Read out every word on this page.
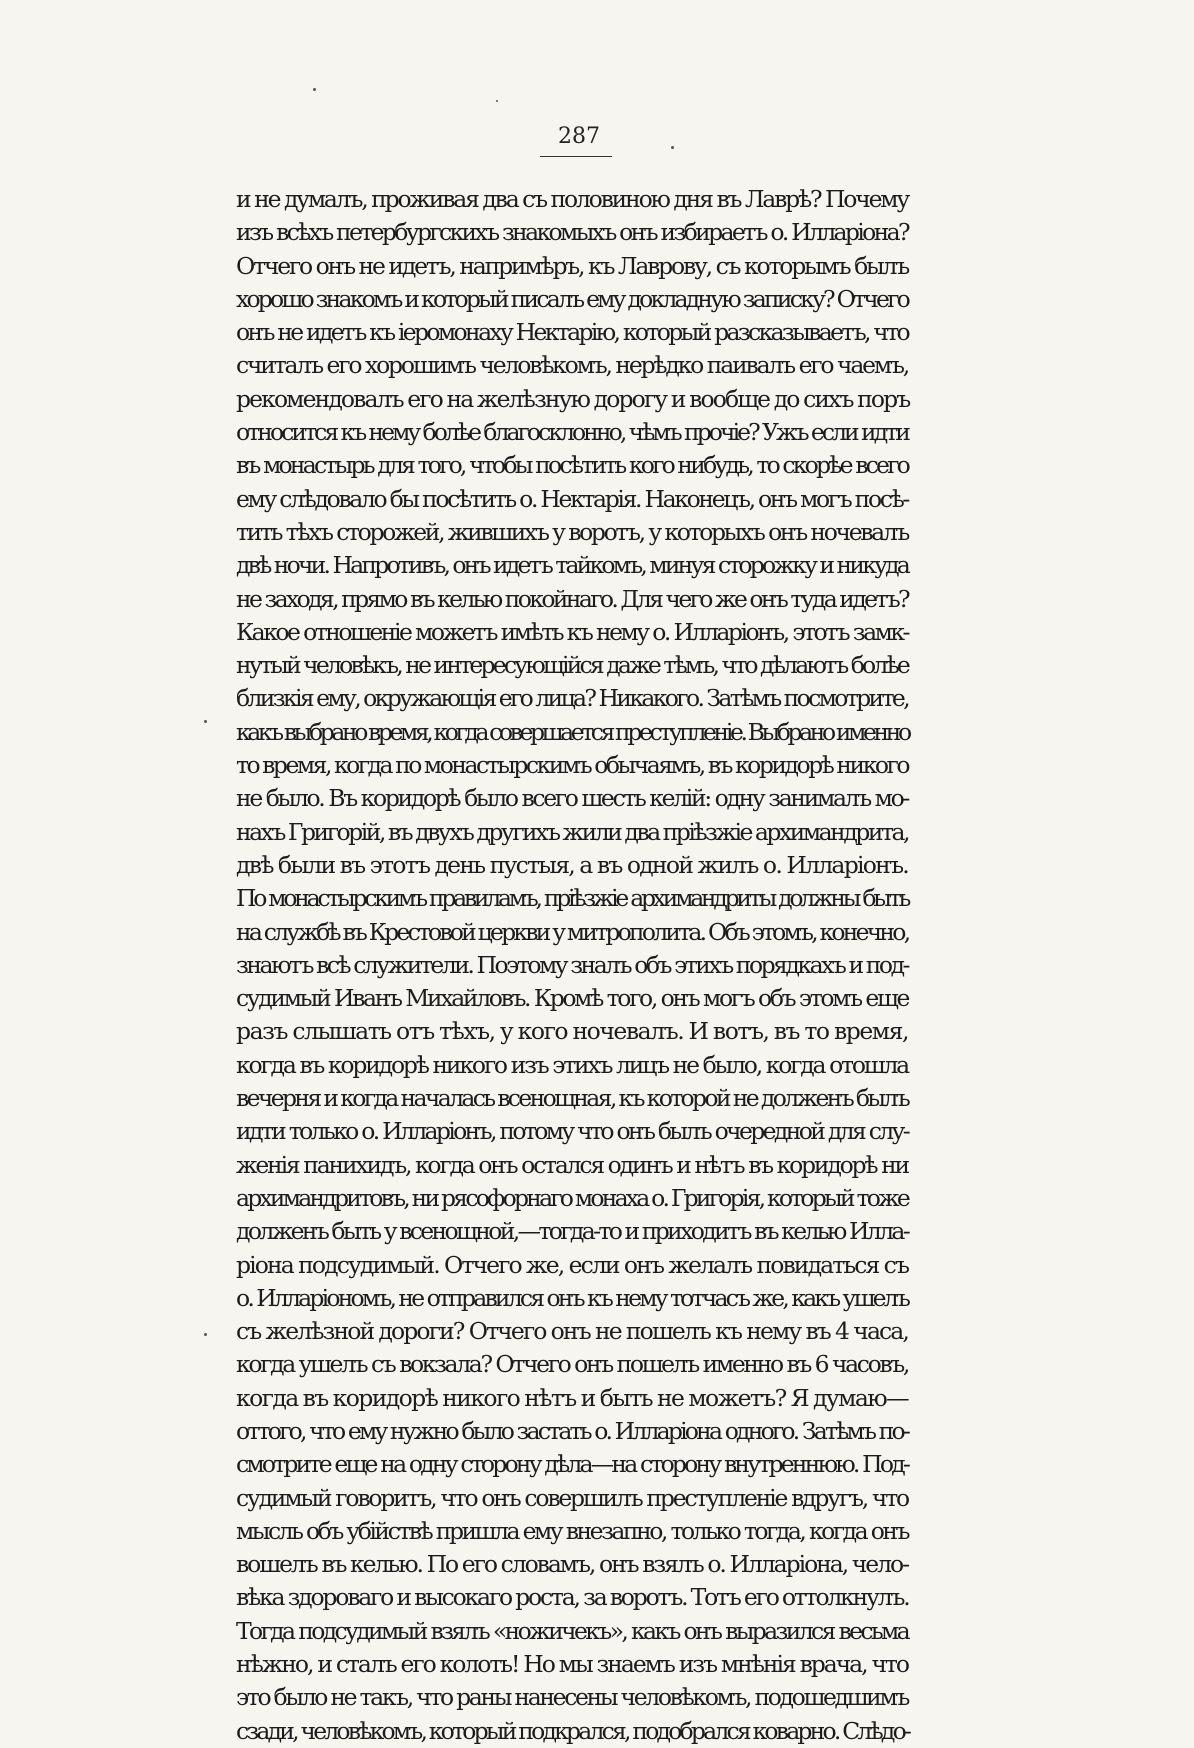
287
и не думалъ, проживая два съ половиною дня въ Лаврѣ? Почему
изъ всѣхъ петербургскихъ знакомыхъ онъ избираетъ о. Илларіона?
Отчего онъ не идетъ, напримѣръ, къ Лаврову, съ которымъ былъ
хорошо знакомъ и который писалъ ему докладную записку? Отчего
онъ не идетъ къ іеромонаху Нектарію, который разсказываетъ, что
считалъ его хорошимъ человѣкомъ, нерѣдко паивалъ его чаемъ,
рекомендовалъ его на желѣзную дорогу и вообще до сихъ поръ
относится къ нему болѣе благосклонно, чѣмъ прочіе? Ужъ если идти
въ монастырь для того, чтобы посѣтить кого нибудь, то скорѣе всего
ему слѣдовало бы посѣтить о. Нектарія. Наконецъ, онъ могъ посѣ-
тить тѣхъ сторожей, жившихъ у воротъ, у которыхъ онъ ночевалъ
двѣ ночи. Напротивъ, онъ идетъ тайкомъ, минуя сторожку и никуда
не заходя, прямо въ келью покойнаго. Для чего же онъ туда идетъ?
Какое отношеніе можетъ имѣть къ нему о. Илларіонъ, этотъ замк-
нутый человѣкъ, не интересующійся даже тѣмъ, что дѣлаютъ болѣе
близкія ему, окружающія его лица? Никакого. Затѣмъ посмотрите,
какъ выбрано время, когда совершается преступленіе. Выбрано именно
то время, когда по монастырскимъ обычаямъ, въ коридорѣ никого
не было. Въ коридорѣ было всего шесть келій: одну занималъ мо-
нахъ Григорій, въ двухъ другихъ жили два пріѣзжіе архимандрита,
двѣ были въ этотъ день пустыя, а въ одной жилъ о. Илларіонъ.
По монастырскимъ правиламъ, пріѣзжіе архимандриты должны быть
на службѣ въ Крестовой церкви у митрополита. Объ этомъ, конечно,
знаютъ всѣ служители. Поэтому зналъ объ этихъ порядкахъ и под-
судимый Иванъ Михайловъ. Кромѣ того, онъ могъ объ этомъ еще
разъ слышать отъ тѣхъ, у кого ночевалъ. И вотъ, въ то время,
когда въ коридорѣ никого изъ этихъ лицъ не было, когда отошла
вечерня и когда началась всенощная, къ которой не долженъ былъ
идти только о. Илларіонъ, потому что онъ былъ очередной для слу-
женія панихидъ, когда онъ остался одинъ и нѣтъ въ коридорѣ ни
архимандритовъ, ни рясофорнаго монаха о. Григорія, который тоже
долженъ быть у всенощной,—тогда-то и приходитъ въ келью Илла-
ріона подсудимый. Отчего же, если онъ желалъ повидаться съ
о. Илларіономъ, не отправился онъ къ нему тотчасъ же, какъ ушелъ
съ желѣзной дороги? Отчего онъ не пошелъ къ нему въ 4 часа,
когда ушелъ съ вокзала? Отчего онъ пошелъ именно въ 6 часовъ,
когда въ коридорѣ никого нѣтъ и быть не можетъ? Я думаю—
оттого, что ему нужно было застать о. Илларіона одного. Затѣмъ по-
смотрите еще на одну сторону дѣла—на сторону внутреннюю. Под-
судимый говоритъ, что онъ совершилъ преступленіе вдругъ, что
мысль объ убійствѣ пришла ему внезапно, только тогда, когда онъ
вошелъ въ келью. По его словамъ, онъ взялъ о. Илларіона, чело-
вѣка здороваго и высокаго роста, за воротъ. Тотъ его оттолкнулъ.
Тогда подсудимый взялъ «ножичекъ», какъ онъ выразился весьма
нѣжно, и сталъ его колоть! Но мы знаемъ изъ мнѣнія врача, что
это было не такъ, что раны нанесены человѣкомъ, подошедшимъ
сзади, человѣкомъ, который подкрался, подобрался коварно. Слѣдо-
